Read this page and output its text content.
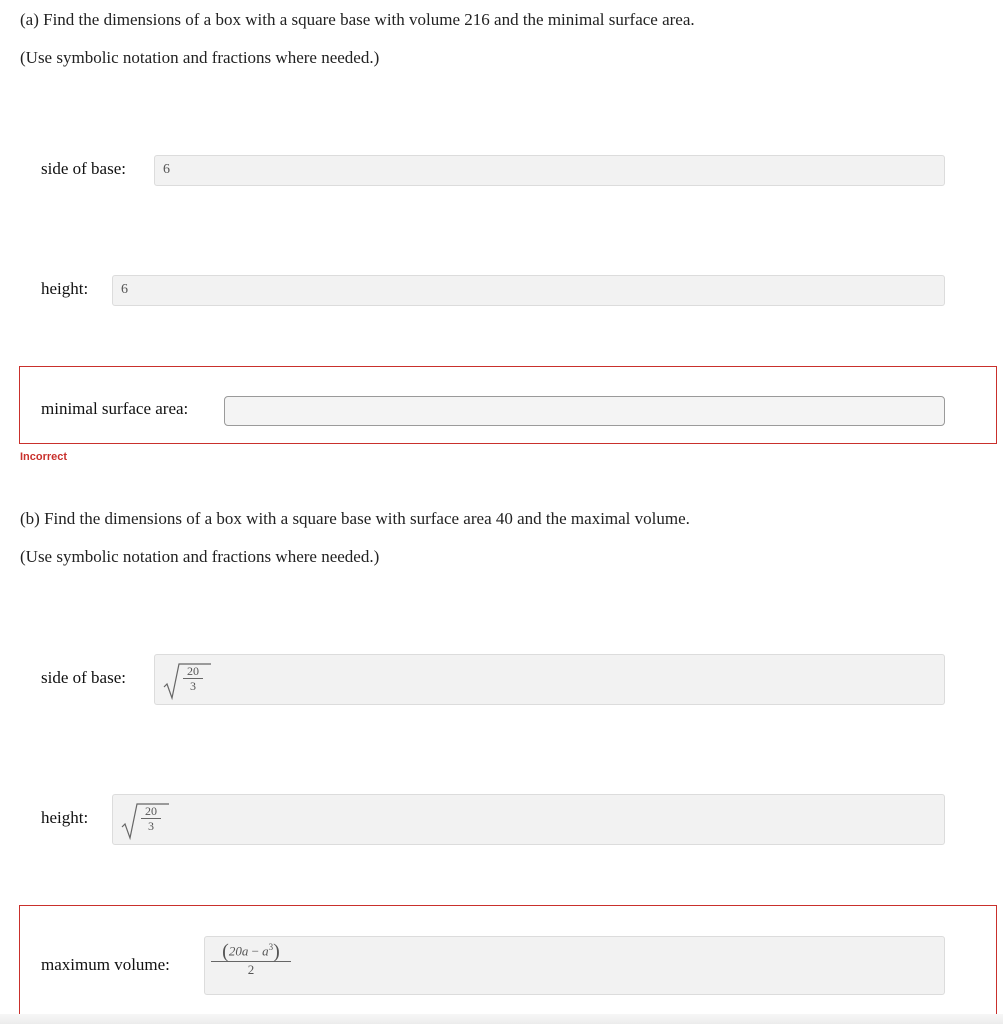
(a) Find the dimensions of a box with a square base with volume 216 and the minimal surface area.
(Use symbolic notation and fractions where needed.)
side of base:	6
height: 6
minimal surface area:
Incorrect
(b) Find the dimensions of a box with a square base with surface area 40 and the maximal volume.
(Use symbolic notation and fractions where needed.)
side of base:	20
3
height:	20
3
maximum volume:
$(20a - a^3)$
2
